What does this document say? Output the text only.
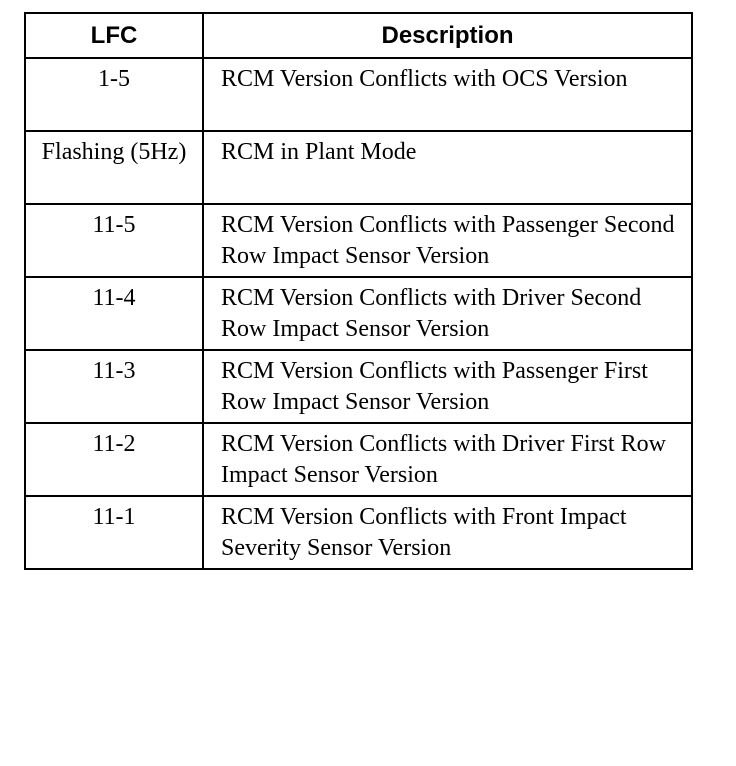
LFC	Description
1-5	RCM Version Conflicts with OCS Version
Flashing (5Hz)	RCM in Plant Mode
11-5	RCM Version Conflicts with Passenger Second Row Impact Sensor Version
11-4	RCM Version Conflicts with Driver Second Row Impact Sensor Version
11-3	RCM Version Conflicts with Passenger First Row Impact Sensor Version
11-2	RCM Version Conflicts with Driver First Row Impact Sensor Version
11-1	RCM Version Conflicts with Front Impact Severity Sensor Version
